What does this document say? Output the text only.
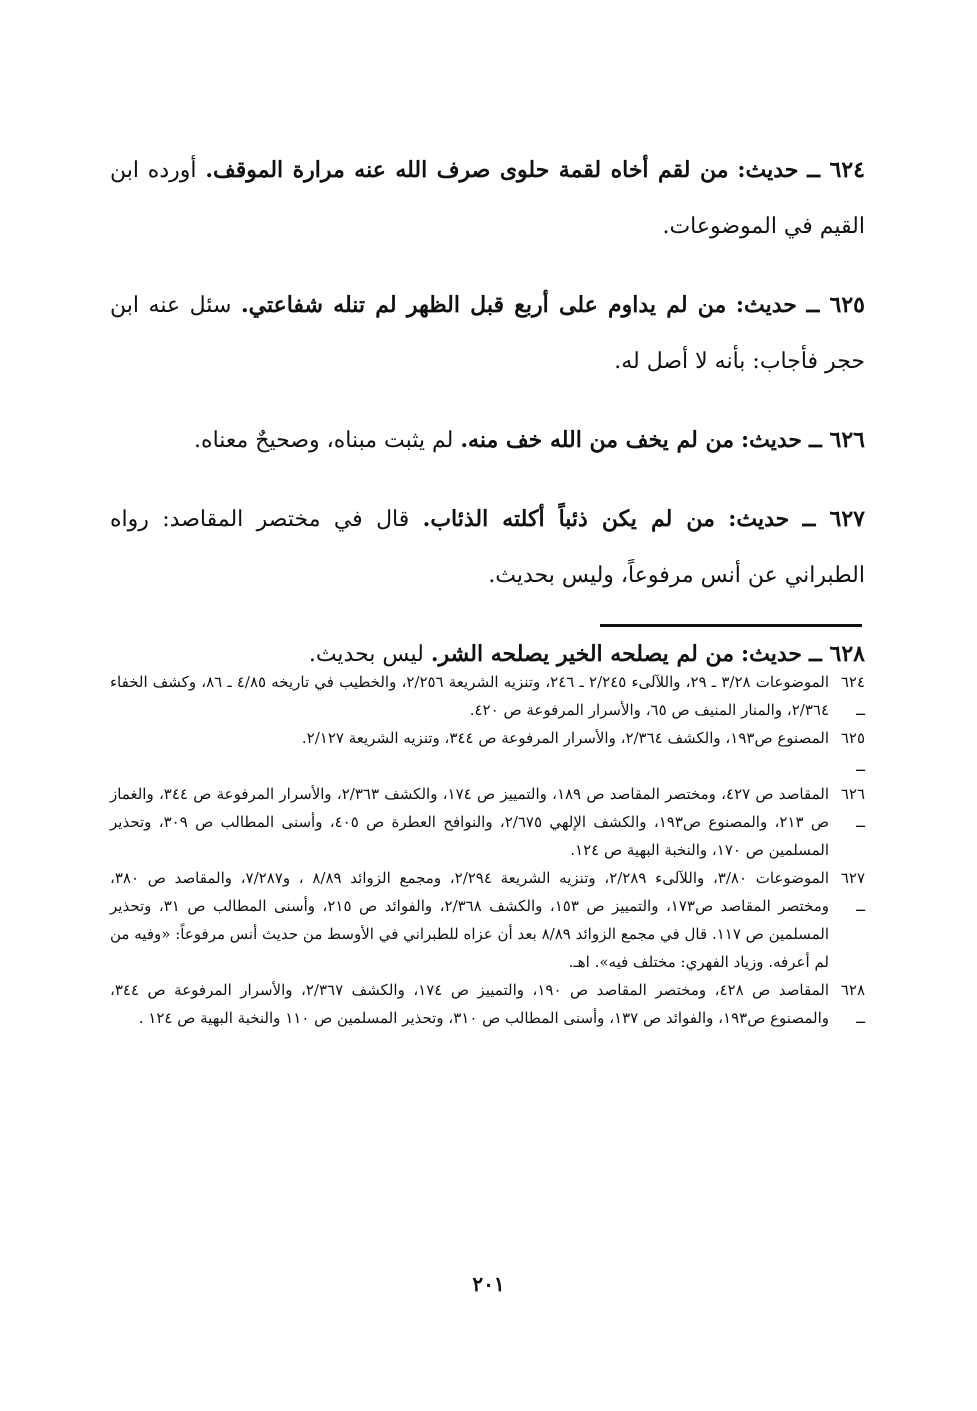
٦٢٤ ــ حديث: من لقم أخاه لقمة حلوى صرف الله عنه مرارة الموقف. أورده ابن القيم في الموضوعات.

٦٢٥ ــ حديث: من لم يداوم على أربع قبل الظهر لم تنله شفاعتي. سئل عنه ابن حجر فأجاب: بأنه لا أصل له.

٦٢٦ ــ حديث: من لم يخف من الله خف منه. لم يثبت مبناه، وصحيحٌ معناه.

٦٢٧ ــ حديث: من لم يكن ذئباً أكلته الذئاب. قال في مختصر المقاصد: رواه الطبراني عن أنس مرفوعاً، وليس بحديث.

٦٢٨ ــ حديث: من لم يصلحه الخير يصلحه الشر. ليس بحديث.

٦٢٤ ــ
الموضوعات ٣/٢٨ ـ ٢٩، واللآلىء ٢/٢٤٥ ـ ٢٤٦، وتنزيه الشريعة ٢/٢٥٦، والخطيب في تاريخه ٤/٨٥ ـ ٨٦، وكشف الخفاء ٢/٣٦٤، والمنار المنيف ص ٦٥، والأسرار المرفوعة ص ٤٢٠.
٦٢٥ ــ
المصنوع ص١٩٣، والكشف ٢/٣٦٤، والأسرار المرفوعة ص ٣٤٤، وتنزيه الشريعة ٢/١٢٧.
٦٢٦ ــ
المقاصد ص ٤٢٧، ومختصر المقاصد ص ١٨٩، والتمييز ص ١٧٤، والكشف ٢/٣٦٣، والأسرار المرفوعة ص ٣٤٤، والغماز ص ٢١٣، والمصنوع ص١٩٣، والكشف الإلهي ٢/٦٧٥، والنوافح العطرة ص ٤٠٥، وأسنى المطالب ص ٣٠٩، وتحذير المسلمين ص ١٧٠، والنخبة البهية ص ١٢٤.
٦٢٧ ــ
الموضوعات ٣/٨٠، واللآلىء ٢/٢٨٩، وتنزيه الشريعة ٢/٢٩٤، ومجمع الزوائد ٨/٨٩ ، و٧/٢٨٧، والمقاصد ص ٣٨٠، ومختصر المقاصد ص١٧٣، والتمييز ص ١٥٣، والكشف ٢/٣٦٨، والفوائد ص ٢١٥، وأسنى المطالب ص ٣١، وتحذير المسلمين ص ١١٧. قال في مجمع الزوائد ٨/٨٩ بعد أن عزاه للطبراني في الأوسط من حديث أنس مرفوعاً: «وفيه من لم أعرفه. وزياد الفهري: مختلف فيه». اهـ.
٦٢٨ ــ
المقاصد ص ٤٢٨، ومختصر المقاصد ص ١٩٠، والتمييز ص ١٧٤، والكشف ٢/٣٦٧، والأسرار المرفوعة ص ٣٤٤، والمصنوع ص١٩٣، والفوائد ص ١٣٧، وأسنى المطالب ص ٣١٠، وتحذير المسلمين ص ١١٠ والنخبة البهية ص ١٢٤ .
٢٠١
